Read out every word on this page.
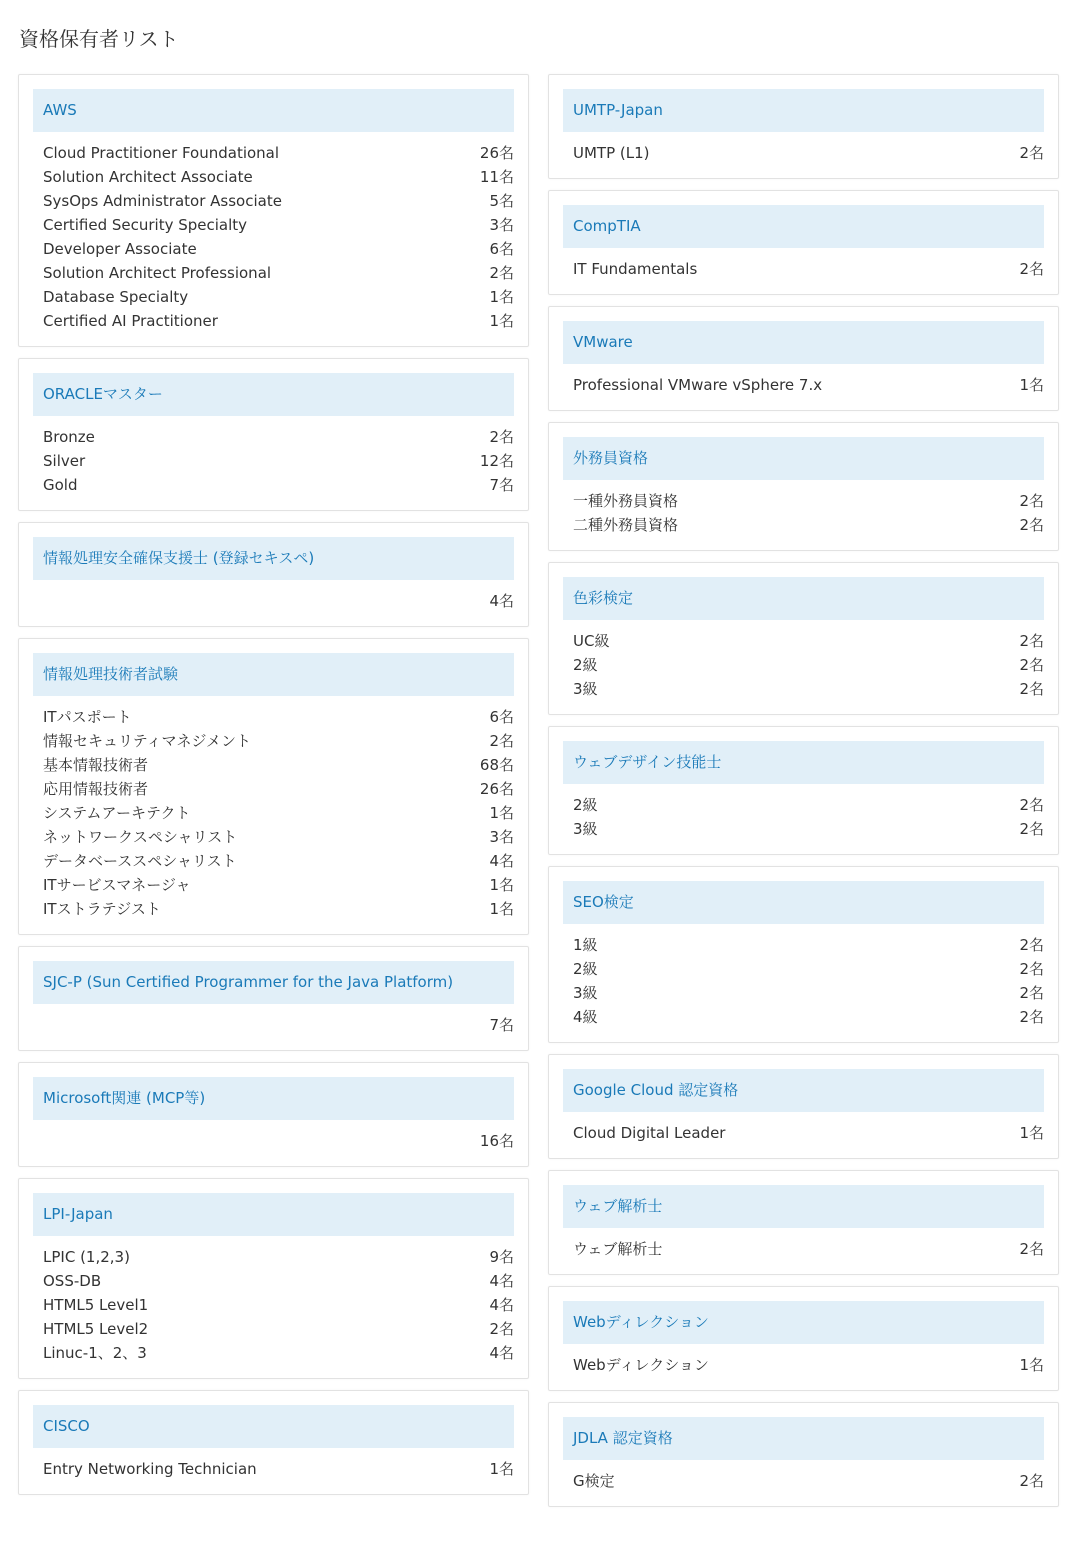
資格保有者リスト
AWS
Cloud Practitioner Foundational	26名
Solution Architect Associate	11名
SysOps Administrator Associate	5名
Certified Security Specialty	3名
Developer Associate	6名
Solution Architect Professional	2名
Database Specialty	1名
Certified AI Practitioner	1名
ORACLEマスター
Bronze	2名
Silver	12名
Gold	7名
情報処理安全確保支援士 (登録セキスペ)
4名
情報処理技術者試験
ITパスポート	6名
情報セキュリティマネジメント	2名
基本情報技術者	68名
応用情報技術者	26名
システムアーキテクト	1名
ネットワークスペシャリスト	3名
データベーススペシャリスト	4名
ITサービスマネージャ	1名
ITストラテジスト	1名
SJC-P (Sun Certified Programmer for the Java Platform)
7名
Microsoft関連 (MCP等)
16名
LPI-Japan
LPIC (1,2,3)	9名
OSS-DB	4名
HTML5 Level1	4名
HTML5 Level2	2名
Linuc-1、2、3	4名
CISCO
Entry Networking Technician	1名
UMTP-Japan
UMTP (L1)	2名
CompTIA
IT Fundamentals	2名
VMware
Professional VMware vSphere 7.x	1名
外務員資格
一種外務員資格	2名
二種外務員資格	2名
色彩検定
UC級	2名
2級	2名
3級	2名
ウェブデザイン技能士
2級	2名
3級	2名
SEO検定
1級	2名
2級	2名
3級	2名
4級	2名
Google Cloud 認定資格
Cloud Digital Leader	1名
ウェブ解析士
ウェブ解析士	2名
Webディレクション
Webディレクション	1名
JDLA 認定資格
G検定	2名
